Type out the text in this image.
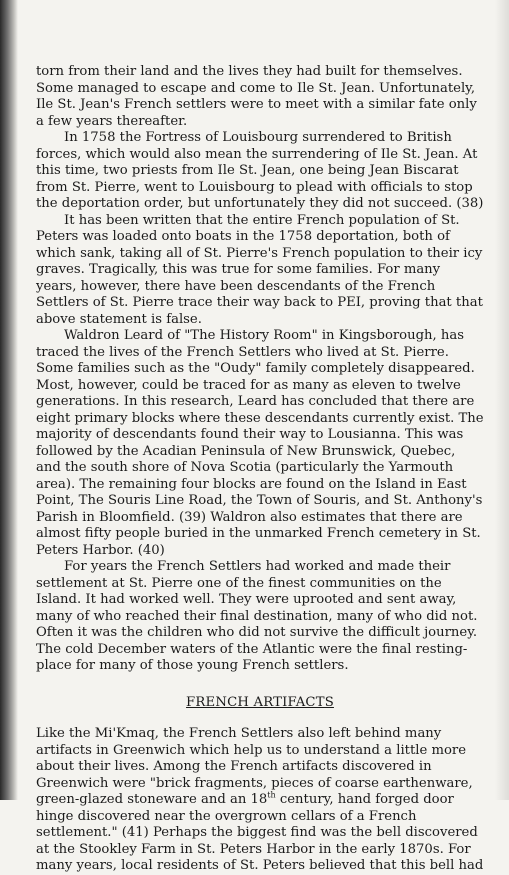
torn from their land and the lives they had built for themselves. Some managed to escape and come to Ile St. Jean. Unfortunately, Ile St. Jean's French settlers were to meet with a similar fate only a few years thereafter.

In 1758 the Fortress of Louisbourg surrendered to British forces, which would also mean the surrendering of Ile St. Jean. At this time, two priests from Ile St. Jean, one being Jean Biscarat from St. Pierre, went to Louisbourg to plead with officials to stop the deportation order, but unfortunately they did not succeed. (38)

It has been written that the entire French population of St. Peters was loaded onto boats in the 1758 deportation, both of which sank, taking all of St. Pierre's French population to their icy graves. Tragically, this was true for some families. For many years, however, there have been descendants of the French Settlers of St. Pierre trace their way back to PEI, proving that that above statement is false.

Waldron Leard of "The History Room" in Kingsborough, has traced the lives of the French Settlers who lived at St. Pierre. Some families such as the "Oudy" family completely disappeared. Most, however, could be traced for as many as eleven to twelve generations. In this research, Leard has concluded that there are eight primary blocks where these descendants currently exist. The majority of descendants found their way to Lousianna. This was followed by the Acadian Peninsula of New Brunswick, Quebec, and the south shore of Nova Scotia (particularly the Yarmouth area). The remaining four blocks are found on the Island in East Point, The Souris Line Road, the Town of Souris, and St. Anthony's Parish in Bloomfield. (39) Waldron also estimates that there are almost fifty people buried in the unmarked French cemetery in St. Peters Harbor. (40)

For years the French Settlers had worked and made their settlement at St. Pierre one of the finest communities on the Island. It had worked well. They were uprooted and sent away, many of who reached their final destination, many of who did not. Often it was the children who did not survive the difficult journey. The cold December waters of the Atlantic were the final resting-place for many of those young French settlers.

FRENCH ARTIFACTS

Like the Mi'Kmaq, the French Settlers also left behind many artifacts in Greenwich which help us to understand a little more about their lives. Among the French artifacts discovered in Greenwich were "brick fragments, pieces of coarse earthenware, green-glazed stoneware and an 18th century, hand forged door hinge discovered near the overgrown cellars of a French settlement." (41) Perhaps the biggest find was the bell discovered at the Stookley Farm in St. Peters Harbor in the early 1870s. For many years, local residents of St. Peters believed that this bell had
